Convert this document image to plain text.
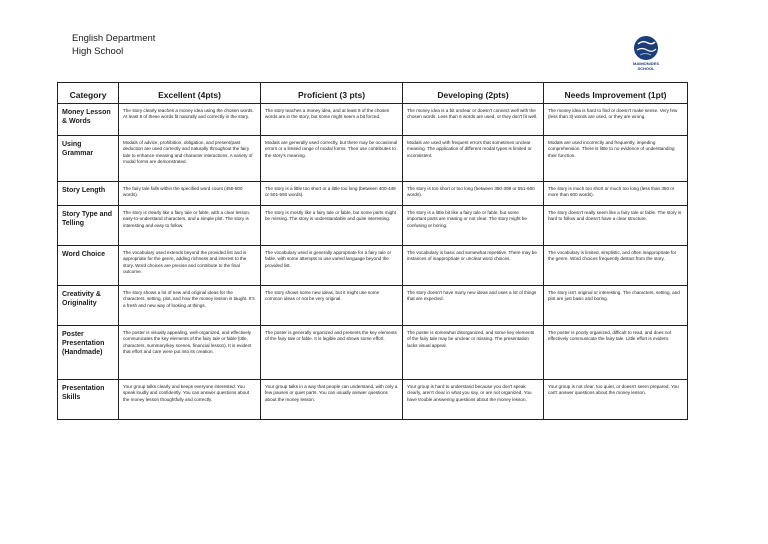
English Department
High School
MAIMONIDES
SCHOOL
Category	Excellent (4pts)	Proficient (3 pts)	Developing (2pts)	Needs Improvement (1pt)
Money Lesson & Words	The story clearly teaches a money idea using the chosen words. At least 8 of these words fit naturally and correctly in the story.	The story teaches a money idea, and at least 6 of the chosen words are in the story, but some might seem a bit forced.	The money idea is a bit unclear or doesn't connect well with the chosen words. Less than 6 words are used, or they don't fit well.	The money idea is hard to find or doesn't make sense. Very few (less than 3) words are used, or they are wrong.
Using Grammar	Modals of advice, prohibition, obligation, and present/past deduction are used correctly and naturally throughout the fairy tale to enhance meaning and character interactions. A variety of modal forms are demonstrated.	Modals are generally used correctly, but there may be occasional errors or a limited range of modal forms. Their use contributes to the story's meaning.	Modals are used with frequent errors that sometimes unclear meaning. The application of different modal types is limited or inconsistent.	Modals are used incorrectly and frequently, impeding comprehension. There is little to no evidence of understanding their function.
Story Length	The fairy tale falls within the specified word count (450-500 words).	The story is a little too short or a little too long (between 400-449 or 501-550 words).	The story is too short or too long (between 350-399 or 551-600 words).	The story is much too short or much too long (less than 350 or more than 600 words).
Story Type and Telling	The story is clearly like a fairy tale or fable, with a clear lesson, easy-to-understand characters, and a simple plot. The story is interesting and easy to follow.	The story is mostly like a fairy tale or fable, but some parts might be missing. The story is understandable and quite interesting.	The story is a little bit like a fairy tale or fable, but some important parts are missing or not clear. The story might be confusing or boring.	The story doesn't really seem like a fairy tale or fable. The story is hard to follow and doesn't have a clear structure.
Word Choice	The vocabulary used extends beyond the provided list and is appropriate for the genre, adding richness and interest to the story. Word choices are precise and contribute to the final outcome.	The vocabulary used is generally appropriate for a fairy tale or fable, with some attempts to use varied language beyond the provided list.	The vocabulary is basic and somewhat repetitive. There may be instances of inappropriate or unclear word choices.	The vocabulary is limited, simplistic, and often inappropriate for the genre. Word choices frequently detract from the story.
Creativity & Originality	The story shows a lot of new and original ideas for the characters, setting, plot, and how the money lesson is taught. It's a fresh and new way of looking at things.	The story shows some new ideas, but it might use some common ideas or not be very original.	The story doesn't have many new ideas and uses a lot of things that are expected.	The story isn't original or interesting. The characters, setting, and plot are just basic and boring.
Poster Presentation (Handmade)	The poster is visually appealing, well-organized, and effectively communicates the key elements of the fairy tale or fable (title, characters, summary/key scenes, financial lesson). It is evident that effort and care were put into its creation.	The poster is generally organized and presents the key elements of the fairy tale or fable. It is legible and shows some effort.	The poster is somewhat disorganized, and some key elements of the fairy tale may be unclear or missing. The presentation lacks visual appeal.	The poster is poorly organized, difficult to read, and does not effectively communicate the fairy tale. Little effort is evident.
Presentation Skills	Your group talks clearly and keeps everyone interested. You speak loudly and confidently. You can answer questions about the money lesson thoughtfully and correctly.	Your group talks in a way that people can understand, with only a few pauses or quiet parts. You can usually answer questions about the money lesson.	Your group is hard to understand because you don't speak clearly, aren't clear in what you say, or are not organized. You have trouble answering questions about the money lesson.	Your group is not clear, too quiet, or doesn't seem prepared. You can't answer questions about the money lesson.
